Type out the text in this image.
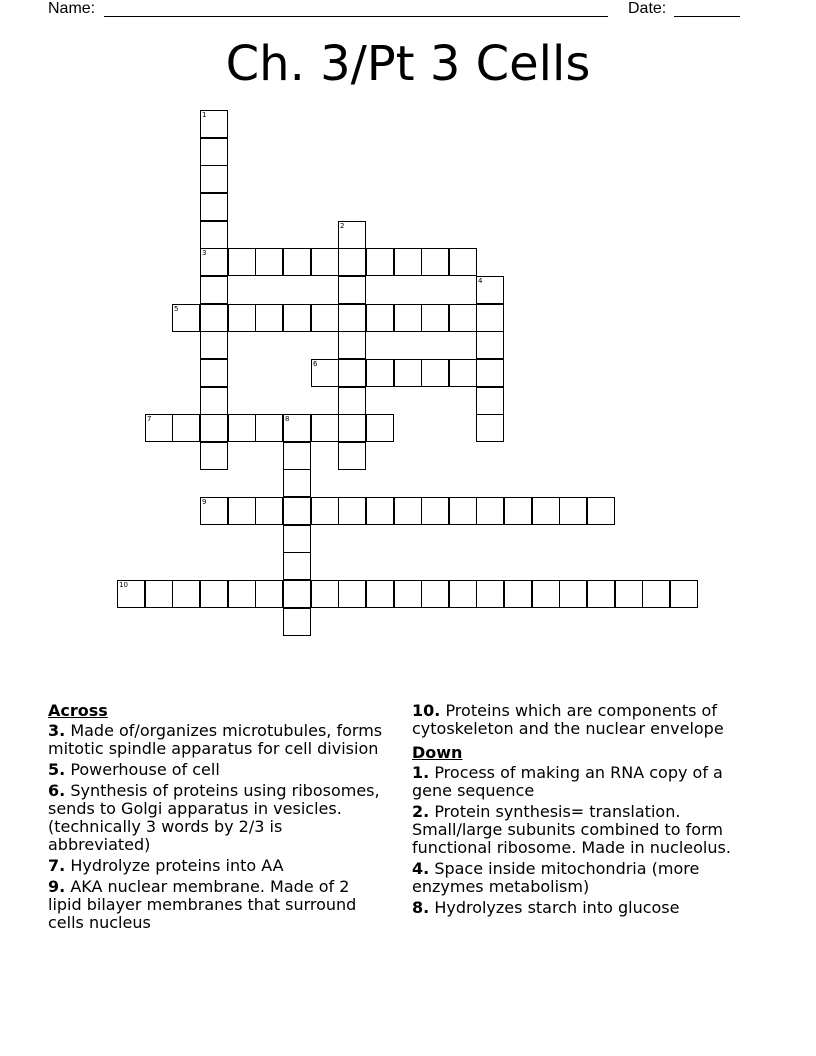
Name:	Date:
Ch. 3/Pt 3 Cells
1
3
2
4
5
6
7	8
9
10
Across
3. Made of/organizes microtubules, forms mitotic spindle apparatus for cell division
5. Powerhouse of cell
6. Synthesis of proteins using ribosomes, sends to Golgi apparatus in vesicles. (technically 3 words by 2/3 is abbreviated)
7. Hydrolyze proteins into AA
9. AKA nuclear membrane. Made of 2 lipid bilayer membranes that surround cells nucleus
10. Proteins which are components of cytoskeleton and the nuclear envelope
Down
1. Process of making an RNA copy of a gene sequence
2. Protein synthesis= translation. Small/large subunits combined to form functional ribosome. Made in nucleolus.
4. Space inside mitochondria (more enzymes metabolism)
8. Hydrolyzes starch into glucose
